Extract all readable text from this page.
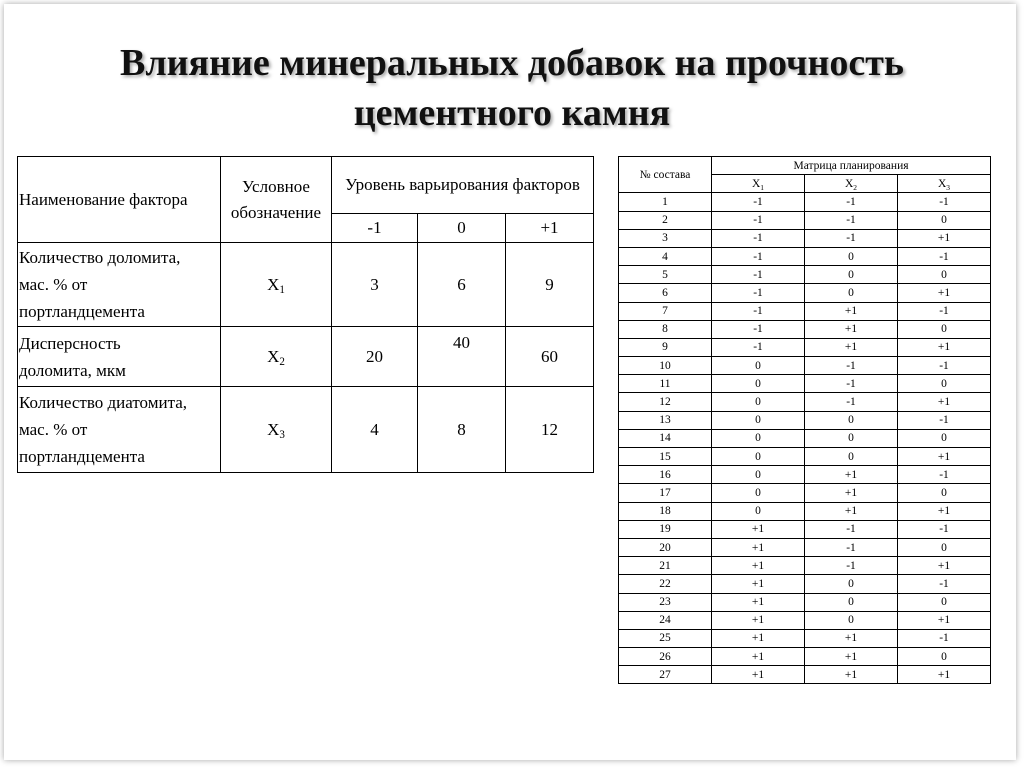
Влияние минеральных добавок на прочность
цементного камня
Наименование фактора	Условное
обозначение	Уровень варьирования факторов		
		-1	0	+1

Количество доломита,
мас. % от
портландцемента	$X_1$	3	6	9

Дисперсность
доломита, мкм	$X_2$	20	40	60

Количество диатомита,
мас. % от
портландцемента	$X_3$	4	8	12
№ состава	Матрица планирования		
	$X_1$	$X_2$	$X_3$
1	-1	-1	-1
2	-1	-1	0
3	-1	-1	+1
4	-1	0	-1
5	-1	0	0
6	-1	0	+1
7	-1	+1	-1
8	-1	+1	0
9	-1	+1	+1
10	0	-1	-1
11	0	-1	0
12	0	-1	+1
13	0	0	-1
14	0	0	0
15	0	0	+1
16	0	+1	-1
17	0	+1	0
18	0	+1	+1
19	+1	-1	-1
20	+1	-1	0
21	+1	-1	+1
22	+1	0	-1
23	+1	0	0
24	+1	0	+1
25	+1	+1	-1
26	+1	+1	0
27	+1	+1	+1
